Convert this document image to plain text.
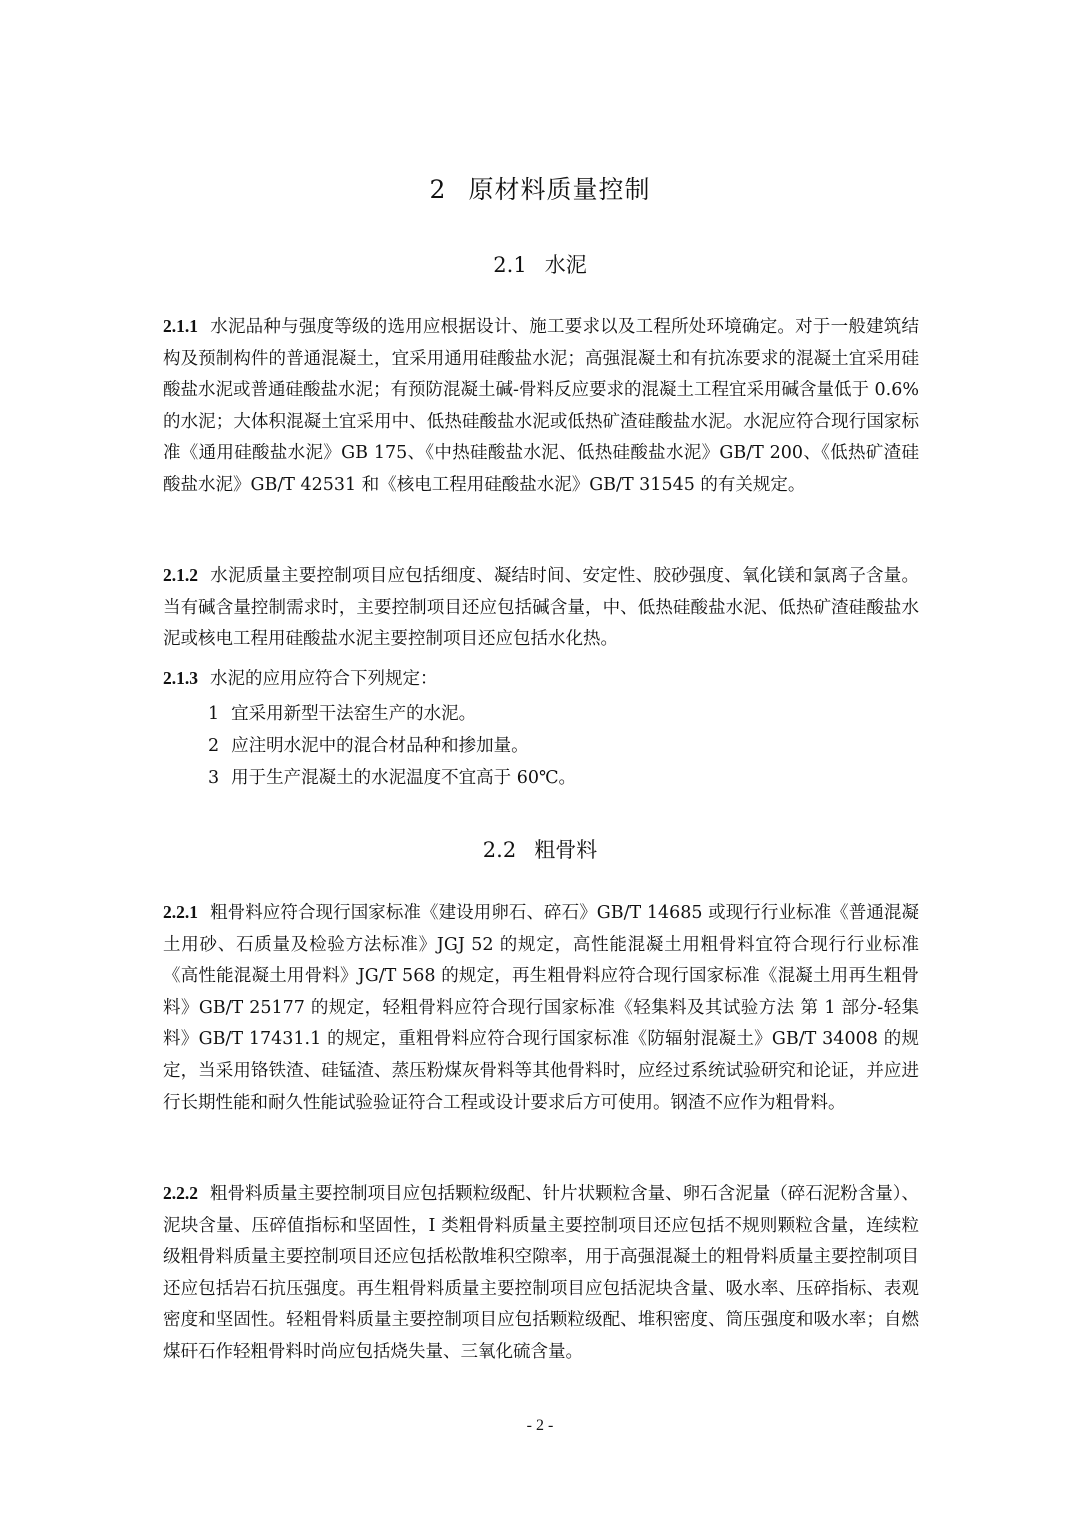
2 原材料质量控制
2.1 水泥
2.1.1 水泥品种与强度等级的选用应根据设计、施工要求以及工程所处环境确定。对于一般建筑结构及预制构件的普通混凝土，宜采用通用硅酸盐水泥；高强混凝土和有抗冻要求的混凝土宜采用硅酸盐水泥或普通硅酸盐水泥；有预防混凝土碱-骨料反应要求的混凝土工程宜采用碱含量低于 0.6%的水泥；大体积混凝土宜采用中、低热硅酸盐水泥或低热矿渣硅酸盐水泥。水泥应符合现行国家标准《通用硅酸盐水泥》GB 175、《中热硅酸盐水泥、低热硅酸盐水泥》GB/T 200、《低热矿渣硅酸盐水泥》GB/T 42531 和《核电工程用硅酸盐水泥》GB/T 31545 的有关规定。
2.1.2 水泥质量主要控制项目应包括细度、凝结时间、安定性、胶砂强度、氧化镁和氯离子含量。当有碱含量控制需求时，主要控制项目还应包括碱含量，中、低热硅酸盐水泥、低热矿渣硅酸盐水泥或核电工程用硅酸盐水泥主要控制项目还应包括水化热。
2.1.3 水泥的应用应符合下列规定：
1 宜采用新型干法窑生产的水泥。
2 应注明水泥中的混合材品种和掺加量。
3 用于生产混凝土的水泥温度不宜高于 60℃。
2.2 粗骨料
2.2.1 粗骨料应符合现行国家标准《建设用卵石、碎石》GB/T 14685 或现行行业标准《普通混凝土用砂、石质量及检验方法标准》JGJ 52 的规定，高性能混凝土用粗骨料宜符合现行行业标准《高性能混凝土用骨料》JG/T 568 的规定，再生粗骨料应符合现行国家标准《混凝土用再生粗骨料》GB/T 25177 的规定，轻粗骨料应符合现行国家标准《轻集料及其试验方法 第 1 部分-轻集料》GB/T 17431.1 的规定，重粗骨料应符合现行国家标准《防辐射混凝土》GB/T 34008 的规定，当采用铬铁渣、硅锰渣、蒸压粉煤灰骨料等其他骨料时，应经过系统试验研究和论证，并应进行长期性能和耐久性能试验验证符合工程或设计要求后方可使用。钢渣不应作为粗骨料。
2.2.2 粗骨料质量主要控制项目应包括颗粒级配、针片状颗粒含量、卵石含泥量（碎石泥粉含量）、泥块含量、压碎值指标和坚固性，I 类粗骨料质量主要控制项目还应包括不规则颗粒含量，连续粒级粗骨料质量主要控制项目还应包括松散堆积空隙率，用于高强混凝土的粗骨料质量主要控制项目还应包括岩石抗压强度。再生粗骨料质量主要控制项目应包括泥块含量、吸水率、压碎指标、表观密度和坚固性。轻粗骨料质量主要控制项目应包括颗粒级配、堆积密度、筒压强度和吸水率；自燃煤矸石作轻粗骨料时尚应包括烧失量、三氧化硫含量。
- 2 -
